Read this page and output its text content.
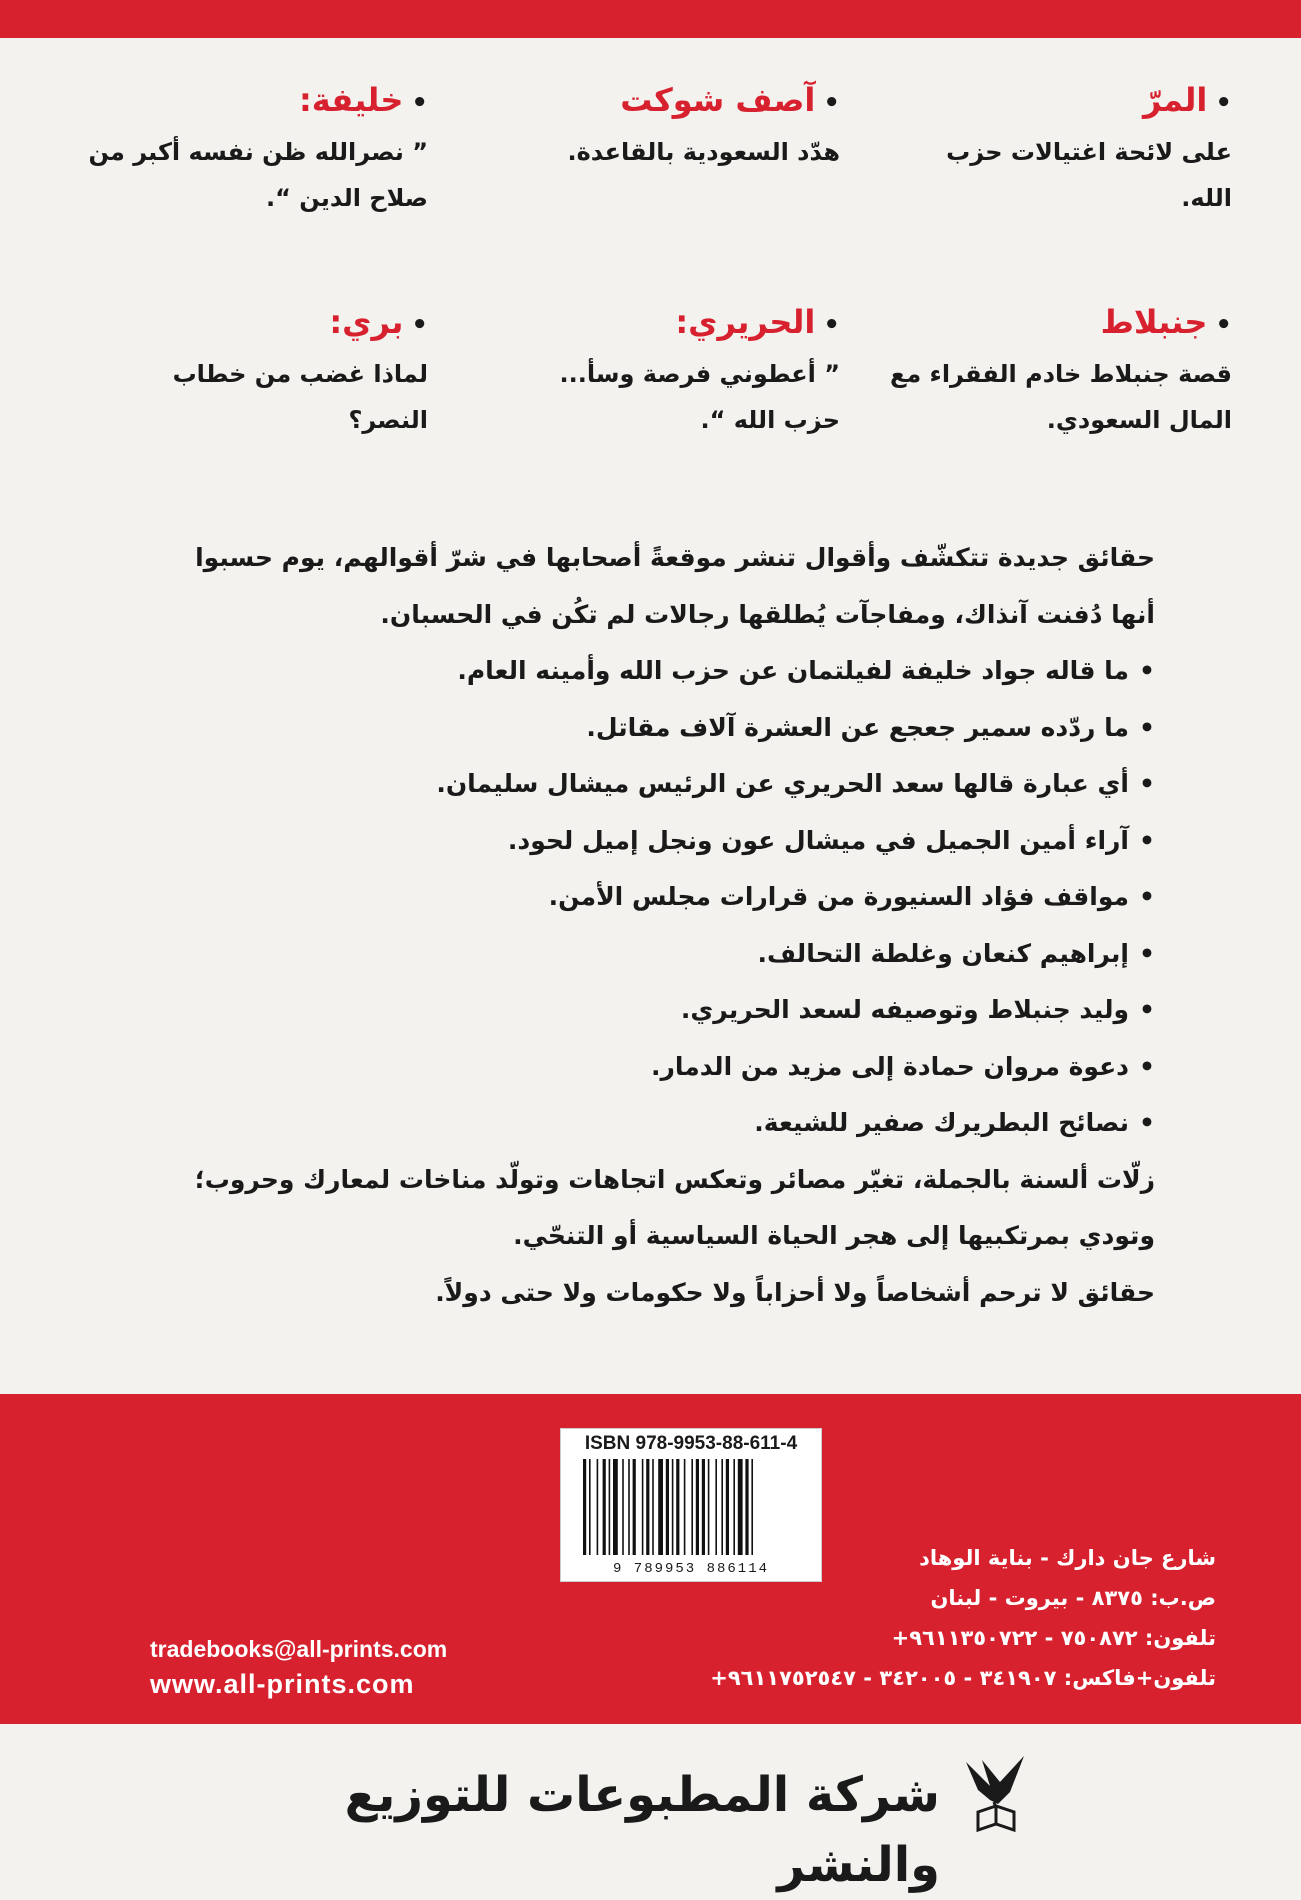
•المرّ
على لائحة اغتيالات حزب الله.
•آصف شوكت
هدّد السعودية بالقاعدة.
•خليفة:
” نصرالله ظن نفسه أكبر من صلاح الدين “.
•جنبلاط
قصة جنبلاط خادم الفقراء مع المال السعودي.
•الحريري:
” أعطوني فرصة وسأ... حزب الله “.
•بري:
لماذا غضب من خطاب النصر؟

حقائق جديدة تتكشّف وأقوال تنشر موقعةً أصحابها في شرّ أقوالهم، يوم حسبوا أنها دُفنت آنذاك، ومفاجآت يُطلقها رجالات لم تكُن في الحسبان.

•ما قاله جواد خليفة لفيلتمان عن حزب الله وأمينه العام.
•ما ردّده سمير جعجع عن العشرة آلاف مقاتل.
•أي عبارة قالها سعد الحريري عن الرئيس ميشال سليمان.
•آراء أمين الجميل في ميشال عون ونجل إميل لحود.
•مواقف فؤاد السنيورة من قرارات مجلس الأمن.
•إبراهيم كنعان وغلطة التحالف.
•وليد جنبلاط وتوصيفه لسعد الحريري.
•دعوة مروان حمادة إلى مزيد من الدمار.
•نصائح البطريرك صفير للشيعة.

زلّات ألسنة بالجملة، تغيّر مصائر وتعكس اتجاهات وتولّد مناخات لمعارك وحروب؛ وتودي بمرتكبيها إلى هجر الحياة السياسية أو التنحّي.

حقائق لا ترحم أشخاصاً ولا أحزاباً ولا حكومات ولا حتى دولاً.

ISBN 978-9953-88-611-4
9 789953 886114	شارع جان دارك - بناية الوهاد

ص.ب: ٨٣٧٥ - بيروت - لبنان

تلفون: ٧٥٠٨٧٢ - ٩٦١١٣٥٠٧٢٢+

تلفون+فاكس: ٣٤١٩٠٧ - ٣٤٢٠٠٥ - ٩٦١١٧٥٢٥٤٧+

tradebooks@all-prints.com
www.all-prints.com
شركة المطبوعات للتوزيع والنشر
